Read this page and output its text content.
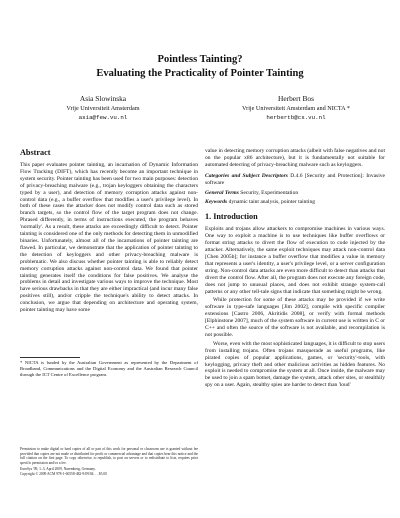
Pointless Tainting?
Evaluating the Practicality of Pointer Tainting
Asia Slowinska
Vrije Universiteit Amsterdam
asia@few.vu.nl
Herbert Bos
Vrije Universiteit Amsterdam and NICTA *
herbertb@cs.vu.nl
Abstract

This paper evaluates pointer tainting, an incarnation of Dynamic Information Flow Tracking (DIFT), which has recently become an important technique in system security. Pointer tainting has been used for two main purposes: detection of privacy-breaching malware (e.g., trojan keyloggers obtaining the characters typed by a user), and detection of memory corruption attacks against non-control data (e.g., a buffer overflow that modifies a user's privilege level). In both of these cases the attacker does not modify control data such as stored branch targets, so the control flow of the target program does not change. Phrased differently, in terms of instructions executed, the program behaves 'normally'. As a result, these attacks are exceedingly difficult to detect. Pointer tainting is considered one of the only methods for detecting them in unmodified binaries. Unfortunately, almost all of the incarnations of pointer tainting are flawed. In particular, we demonstrate that the application of pointer tainting to the detection of keyloggers and other privacy-breaching malware is problematic. We also discuss whether pointer tainting is able to reliably detect memory corruption attacks against non-control data. We found that pointer tainting generates itself the conditions for false positives. We analyse the problems in detail and investigate various ways to improve the technique. Most have serious drawbacks in that they are either impractical (and incur many false positives still), and/or cripple the technique's ability to detect attacks. In conclusion, we argue that depending on architecture and operating system, pointer tainting may have some

* NICTA is funded by the Australian Government as represented by the Department of Broadband, Communications and the Digital Economy and the Australian Research Council through the ICT Centre of Excellence program.
Permission to make digital or hard copies of all or part of this work for personal or classroom use is granted without fee provided that copies are not made or distributed for profit or commercial advantage and that copies bear this notice and the full citation on the first page. To copy otherwise, to republish, to post on servers or to redistribute to lists, requires prior specific permission and/or a fee.
EuroSys '09, 1–3, April 2009, Nuremberg, Germany.
Copyright © 2009 ACM 978-1-60558-482-9/09/04. . . $5.00

value in detecting memory corruption attacks (albeit with false negatives and not on the popular x86 architecture), but it is fundamentally not suitable for automated detecting of privacy-breaching malware such as keyloggers.

Categories and Subject Descriptors D.4.6 [Security and Protection]: Invasive software

General Terms Security, Experimentation

Keywords dynamic taint analysis, pointer tainting

1. Introduction

Exploits and trojans allow attackers to compromise machines in various ways. One way to exploit a machine is to use techniques like buffer overflows or format string attacks to divert the flow of execution to code injected by the attacker. Alternatively, the same exploit techniques may attack non-control data [Chen 2005b]; for instance a buffer overflow that modifies a value in memory that represents a user's identity, a user's privilege level, or a server configuration string. Non-control data attacks are even more difficult to detect than attacks that divert the control flow. After all, the program does not execute any foreign code, does not jump to unusual places, and does not exhibit strange system-call patterns or any other tell-tale signs that indicate that something might be wrong.

While protection for some of these attacks may be provided if we write software in type-safe languages [Jim 2002], compile with specific compiler extensions [Castro 2006, Akritidis 2008], or verify with formal methods [Elphinstone 2007], much of the system software in current use is written in C or C++ and often the source of the software is not available, and recompilation is not possible.

Worse, even with the most sophisticated languages, it is difficult to stop users from installing trojans. Often trojans masquerade as useful programs, like pirated copies of popular applications, games, or 'security'-tools, with keylogging, privacy theft and other malicious activities as hidden features. No exploit is needed to compromise the system at all. Once inside, the malware may be used to join a spam botnet, damage the system, attack other sites, or stealthily spy on a user. Again, stealthy spies are harder to detect than 'loud'
